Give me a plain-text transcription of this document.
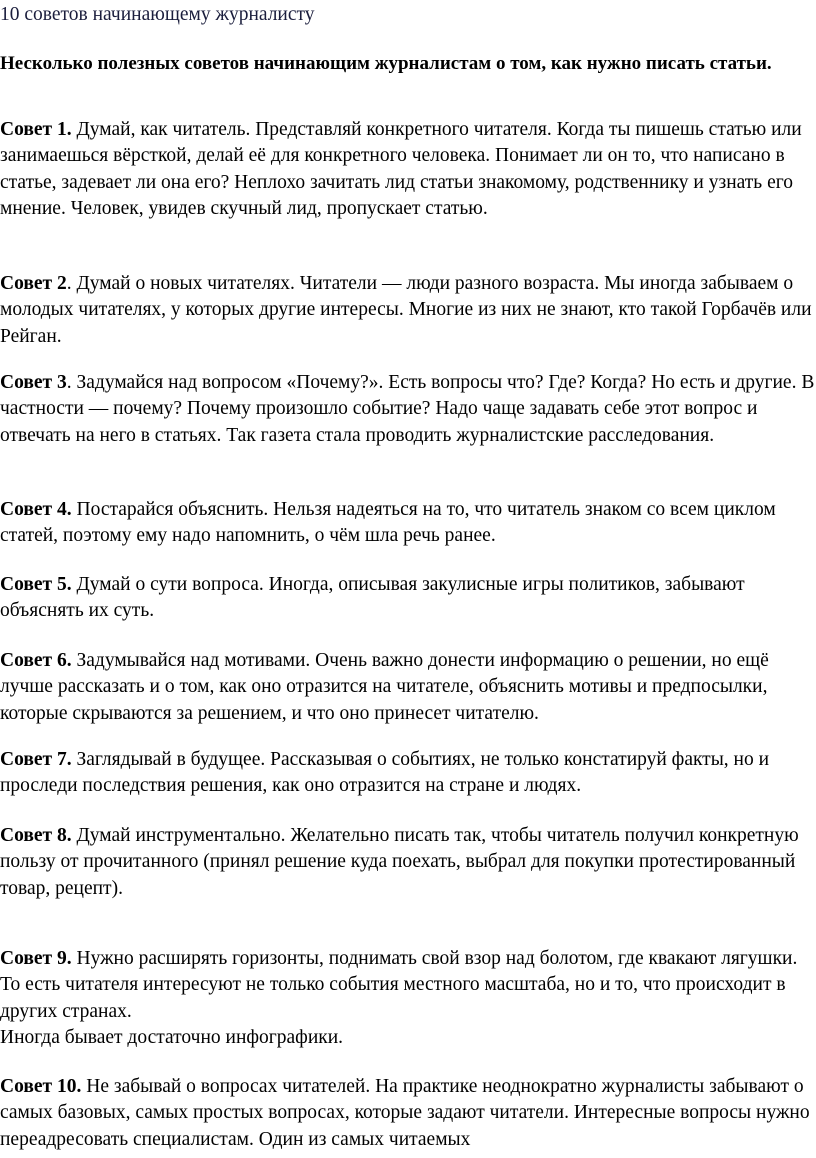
10 советов начинающему журналисту
Несколько полезных советов начинающим журналистам о том, как нужно писать статьи.

Совет 1. Думай, как читатель. Представляй конкретного читателя. Когда ты пишешь статью или занимаешься вёрсткой, делай её для конкретного человека. Понимает ли он то, что написано в статье, задевает ли она его? Неплохо зачитать лид статьи знакомому, родственнику и узнать его мнение. Человек, увидев скучный лид, пропускает статью.

Совет 2. Думай о новых читателях. Читатели — люди разного возраста. Мы иногда забываем о молодых читателях, у которых другие интересы. Многие из них не знают, кто такой Горбачёв или Рейган.

Совет 3. Задумайся над вопросом «Почему?». Есть вопросы что? Где? Когда? Но есть и другие. В частности — почему? Почему произошло событие? Надо чаще задавать себе этот вопрос и отвечать на него в статьях. Так газета стала проводить журналистские расследования.

Совет 4. Постарайся объяснить. Нельзя надеяться на то, что читатель знаком со всем циклом статей, поэтому ему надо напомнить, о чём шла речь ранее.

Совет 5. Думай о сути вопроса. Иногда, описывая закулисные игры политиков, забывают объяснять их суть.

Совет 6. Задумывайся над мотивами. Очень важно донести информацию о решении, но ещё лучше рассказать и о том, как оно отразится на читателе, объяснить мотивы и предпосылки, которые скрываются за решением, и что оно принесет читателю.

Совет 7. Заглядывай в будущее. Рассказывая о событиях, не только констатируй факты, но и проследи последствия решения, как оно отразится на стране и людях.

Совет 8. Думай инструментально. Желательно писать так, чтобы читатель получил конкретную пользу от прочитанного (принял решение куда поехать, выбрал для покупки протестированный товар, рецепт).

Совет 9. Нужно расширять горизонты, поднимать свой взор над болотом, где квакают лягушки. То есть читателя интересуют не только события местного масштаба, но и то, что происходит в других странах.

Иногда бывает достаточно инфографики.

Совет 10. Не забывай о вопросах читателей. На практике неоднократно журналисты забывают о самых базовых, самых простых вопросах, которые задают читатели. Интересные вопросы нужно переадресовать специалистам. Один из самых читаемых
